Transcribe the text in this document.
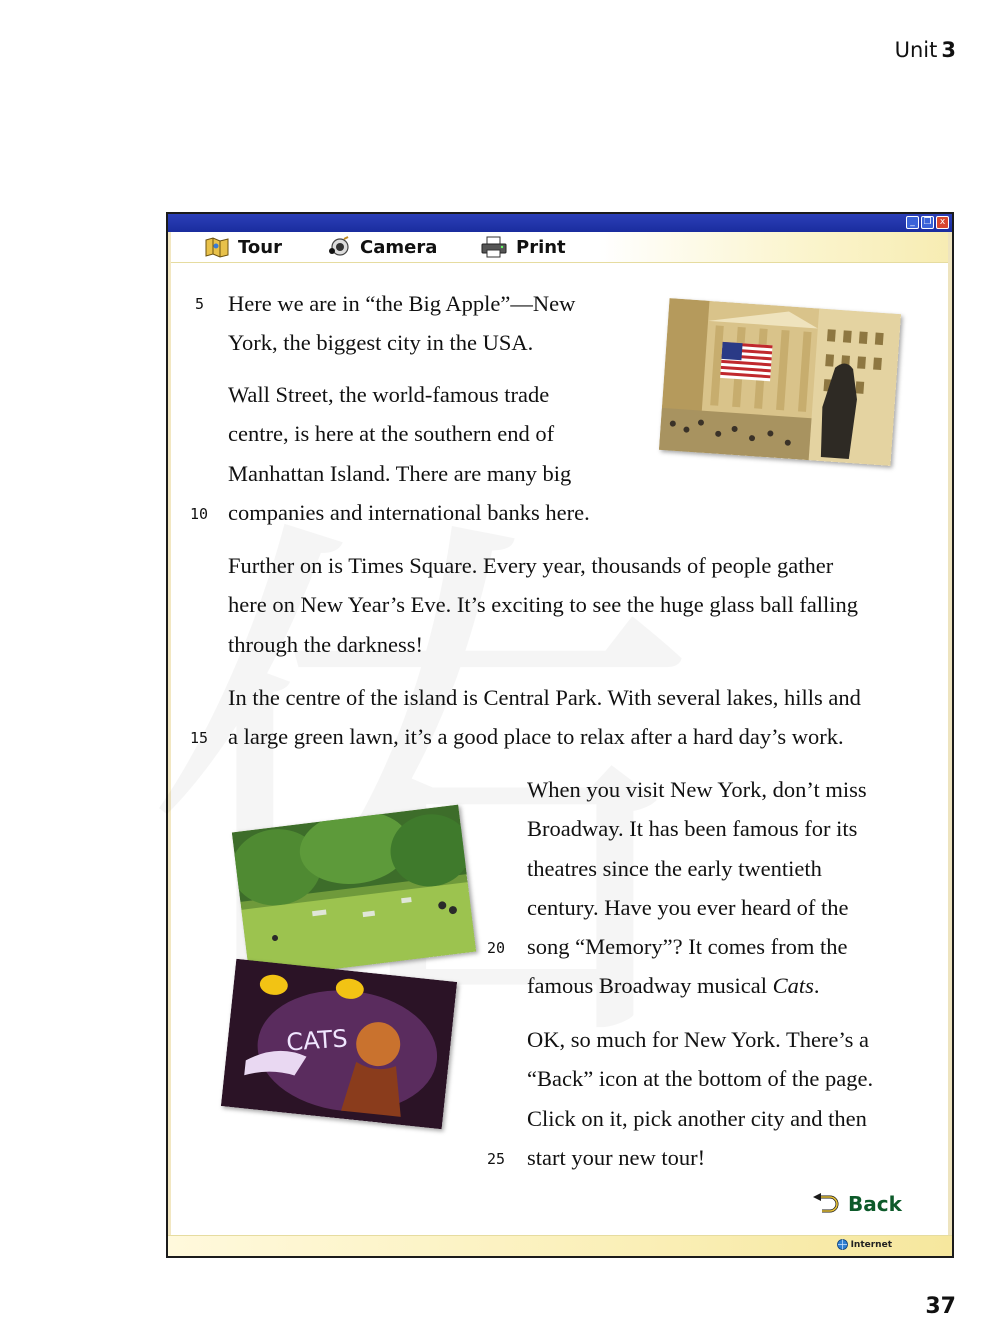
Unit 3
_ ❐ x
Tour	Camera	Print
Internet
Here we are in “the Big Apple”—New
York, the biggest city in the USA.
Wall Street, the world-famous trade
centre, is here at the southern end of
Manhattan Island. There are many big
companies and international banks here.
Further on is Times Square. Every year, thousands of people gather
here on New Year’s Eve. It’s exciting to see the huge glass ball falling
through the darkness!
In the centre of the island is Central Park. With several lakes, hills and
a large green lawn, it’s a good place to relax after a hard day’s work.
When you visit New York, don’t miss
Broadway. It has been famous for its
theatres since the early twentieth
century. Have you ever heard of the
song “Memory”? It comes from the
famous Broadway musical Cats.
OK, so much for New York. There’s a
“Back” icon at the bottom of the page.
Click on it, pick another city and then
start your new tour!
5
10
15
20
25
CATS
Back
37
